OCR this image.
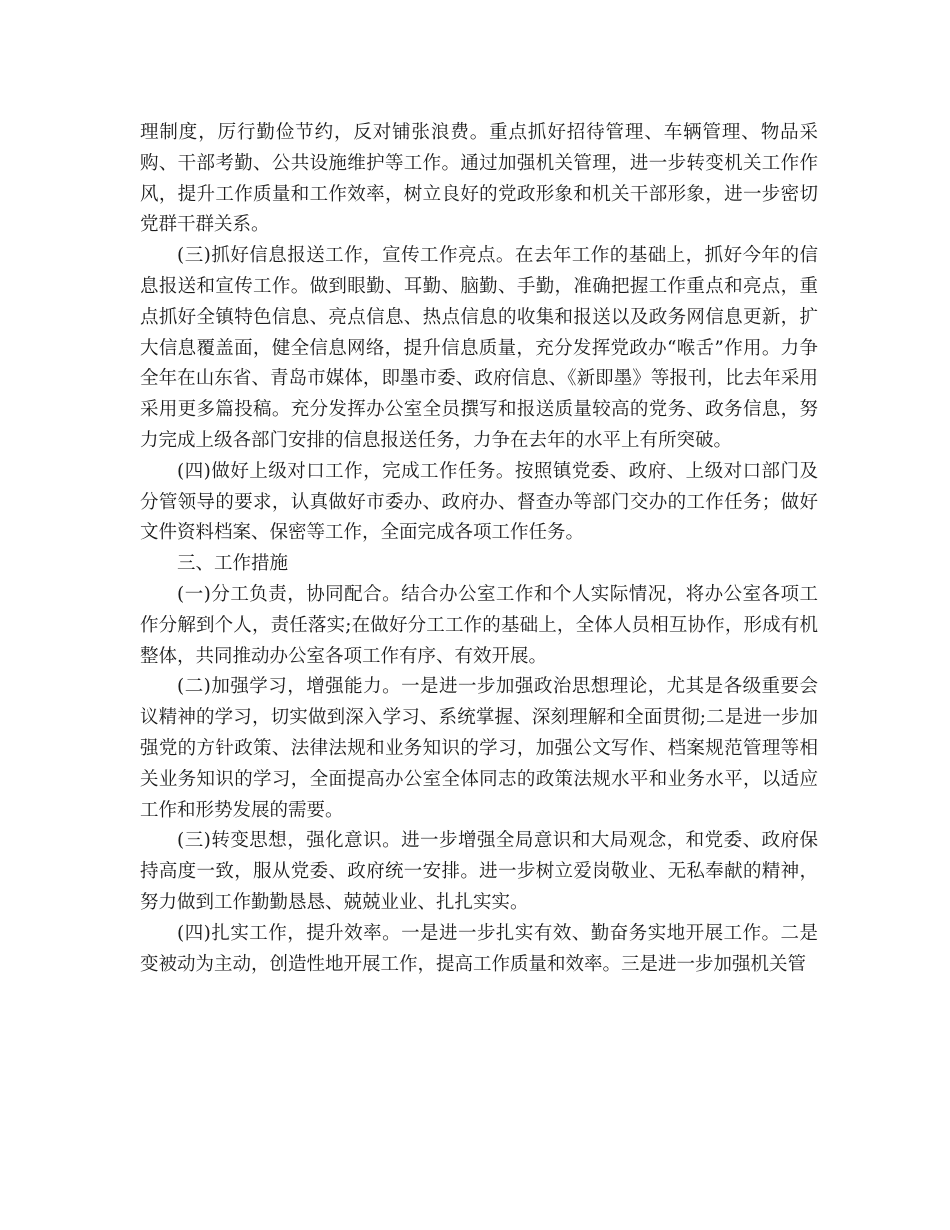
理制度，厉行勤俭节约，反对铺张浪费。重点抓好招待管理、车辆管理、物品采购、干部考勤、公共设施维护等工作。通过加强机关管理，进一步转变机关工作作风，提升工作质量和工作效率，树立良好的党政形象和机关干部形象，进一步密切党群干群关系。

(三)抓好信息报送工作，宣传工作亮点。在去年工作的基础上，抓好今年的信息报送和宣传工作。做到眼勤、耳勤、脑勤、手勤，准确把握工作重点和亮点，重点抓好全镇特色信息、亮点信息、热点信息的收集和报送以及政务网信息更新，扩大信息覆盖面，健全信息网络，提升信息质量，充分发挥党政办“喉舌”作用。力争全年在山东省、青岛市媒体，即墨市委、政府信息、《新即墨》等报刊，比去年采用采用更多篇投稿。充分发挥办公室全员撰写和报送质量较高的党务、政务信息，努力完成上级各部门安排的信息报送任务，力争在去年的水平上有所突破。

(四)做好上级对口工作，完成工作任务。按照镇党委、政府、上级对口部门及分管领导的要求，认真做好市委办、政府办、督查办等部门交办的工作任务；做好文件资料档案、保密等工作，全面完成各项工作任务。

三、工作措施

(一)分工负责，协同配合。结合办公室工作和个人实际情况，将办公室各项工作分解到个人，责任落实;在做好分工工作的基础上，全体人员相互协作，形成有机整体，共同推动办公室各项工作有序、有效开展。

(二)加强学习，增强能力。一是进一步加强政治思想理论，尤其是各级重要会议精神的学习，切实做到深入学习、系统掌握、深刻理解和全面贯彻;二是进一步加强党的方针政策、法律法规和业务知识的学习，加强公文写作、档案规范管理等相关业务知识的学习，全面提高办公室全体同志的政策法规水平和业务水平，以适应工作和形势发展的需要。

(三)转变思想，强化意识。进一步增强全局意识和大局观念，和党委、政府保持高度一致，服从党委、政府统一安排。进一步树立爱岗敬业、无私奉献的精神，努力做到工作勤勤恳恳、兢兢业业、扎扎实实。

(四)扎实工作，提升效率。一是进一步扎实有效、勤奋务实地开展工作。二是变被动为主动，创造性地开展工作，提高工作质量和效率。三是进一步加强机关管
